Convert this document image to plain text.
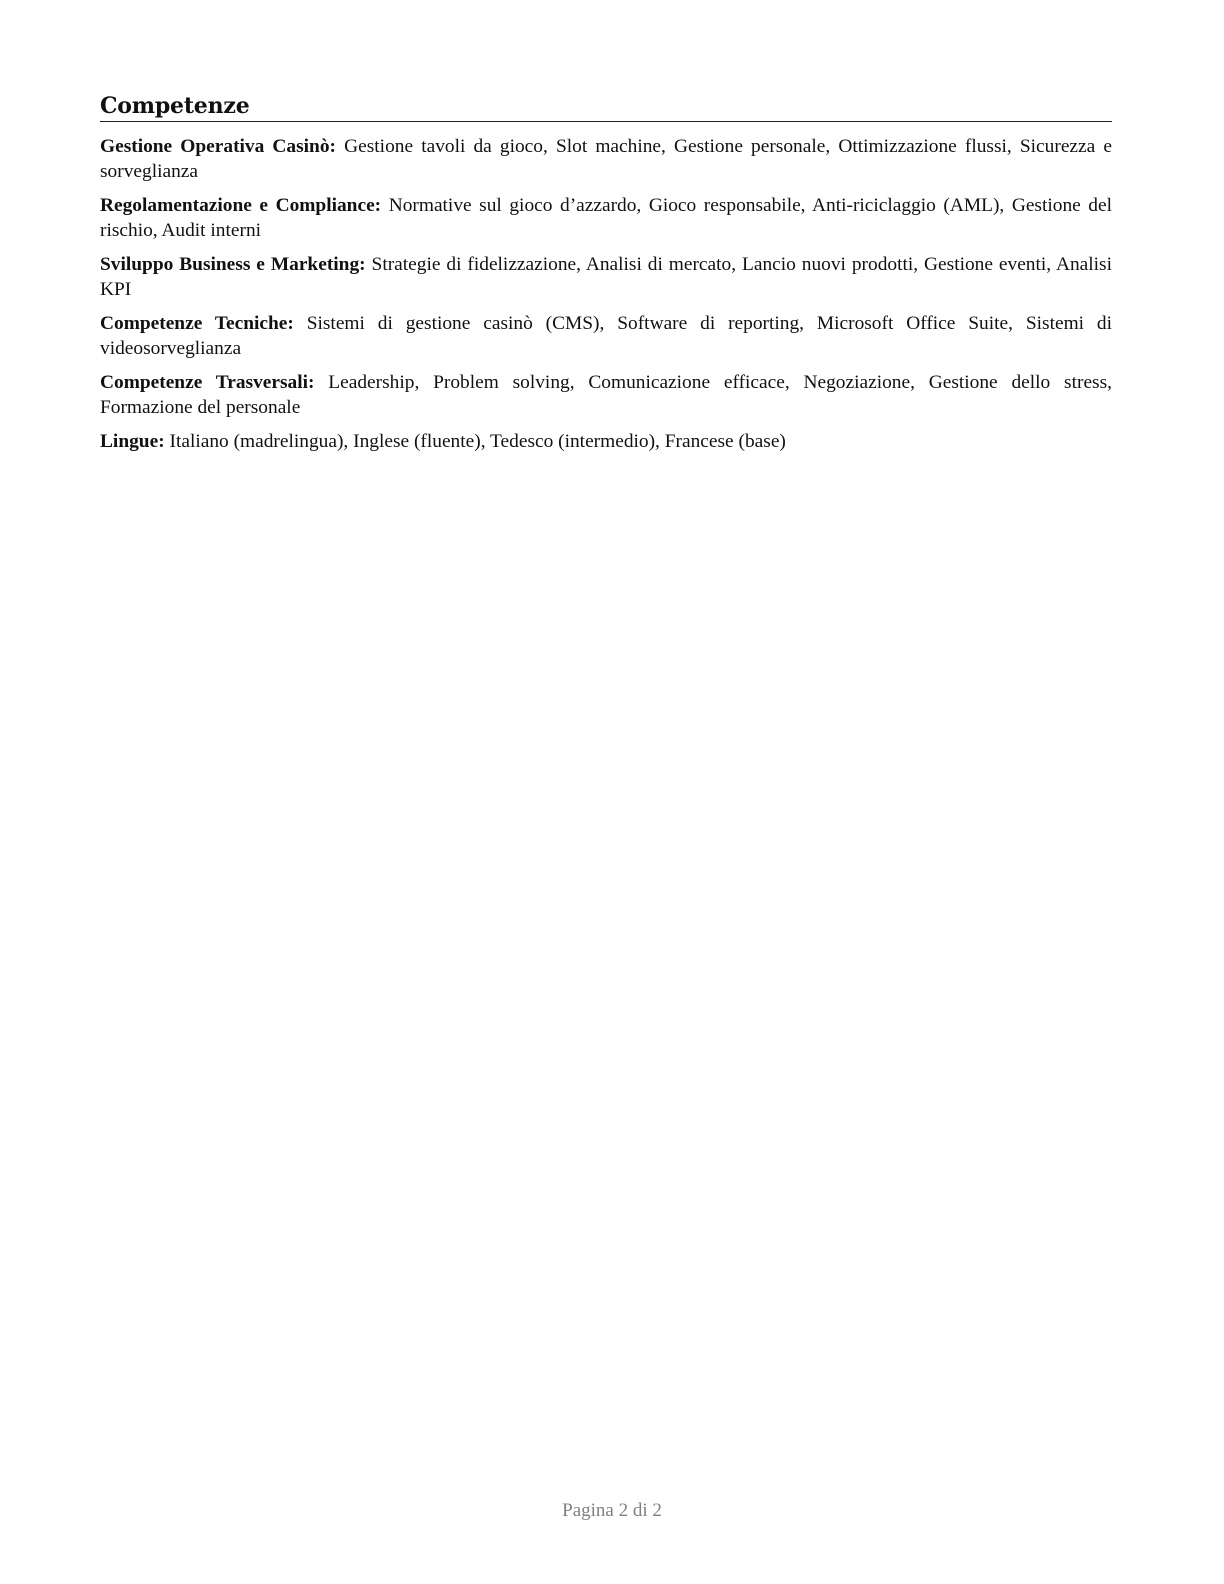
Competenze

Gestione Operativa Casinò: Gestione tavoli da gioco, Slot machine, Gestione personale, Ottimizzazione flussi, Sicurezza e sorveglianza

Regolamentazione e Compliance: Normative sul gioco d’azzardo, Gioco responsabile, Anti-riciclaggio (AML), Gestione del rischio, Audit interni

Sviluppo Business e Marketing: Strategie di fidelizzazione, Analisi di mercato, Lancio nuovi prodotti, Gestione eventi, Analisi KPI

Competenze Tecniche: Sistemi di gestione casinò (CMS), Software di reporting, Microsoft Office Suite, Sistemi di videosorveglianza

Competenze Trasversali: Leadership, Problem solving, Comunicazione efficace, Negoziazione, Gestione dello stress, Formazione del personale

Lingue: Italiano (madrelingua), Inglese (fluente), Tedesco (intermedio), Francese (base)

Pagina 2 di 2
